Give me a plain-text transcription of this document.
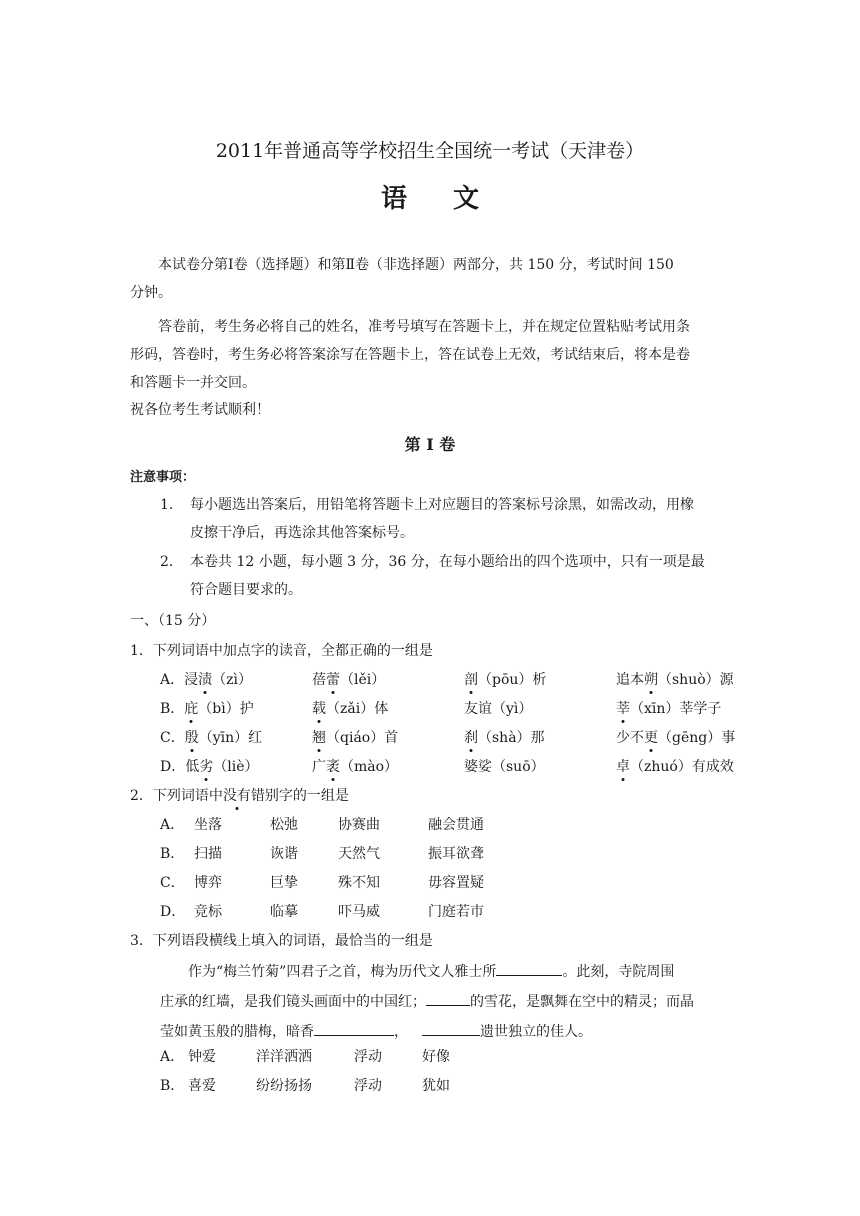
2011年普通高等学校招生全国统一考试（天津卷）
语 文
本试卷分第Ⅰ卷（选择题）和第Ⅱ卷（非选择题）两部分，共 150 分，考试时间 150
分钟。
答卷前，考生务必将自己的姓名，准考号填写在答题卡上，并在规定位置粘贴考试用条
形码，答卷时，考生务必将答案涂写在答题卡上，答在试卷上无效，考试结束后，将本是卷
和答题卡一并交回。
祝各位考生考试顺利！
第 Ⅰ 卷
注意事项：
1． 每小题选出答案后，用铅笔将答题卡上对应题目的答案标号涂黑，如需改动，用橡
皮擦干净后，再选涂其他答案标号。
2． 本卷共 12 小题，每小题 3 分，36 分，在每小题给出的四个选项中，只有一项是最
符合题目要求的。
一、（15 分）
1．下列词语中加点字的读音，全都正确的一组是
A．浸渍（zì）	蓓蕾（lěi）	剖（pōu）析	追本朔（shuò）源
B．庇（bì）护	载（zǎi）体	友谊（yì）	莘（xīn）莘学子
C．殷（yīn）红	翘（qiáo）首	刹（shà）那	少不更（gēng）事
D．低劣（liè）	广袤（mào）	婆娑（suō）	卓（zhuó）有成效
2．下列词语中没有错别字的一组是
A． 坐落	松弛	协赛曲	融会贯通
B． 扫描	诙谐	天然气	振耳欲聋
C． 博弈	巨挚	殊不知	毋容置疑
D． 竞标	临摹	吓马威	门庭若市
3．下列语段横线上填入的词语，最恰当的一组是
作为“梅兰竹菊”四君子之首，梅为历代文人雅士所	。此刻，寺院周围
庄承的红墙，是我们镜头画面中的中国红；	的雪花，是飘舞在空中的精灵；而晶
莹如黄玉般的腊梅，暗香	，	遗世独立的佳人。
A． 钟爱	洋洋洒洒	浮动	好像
B． 喜爱	纷纷扬扬	浮动	犹如
